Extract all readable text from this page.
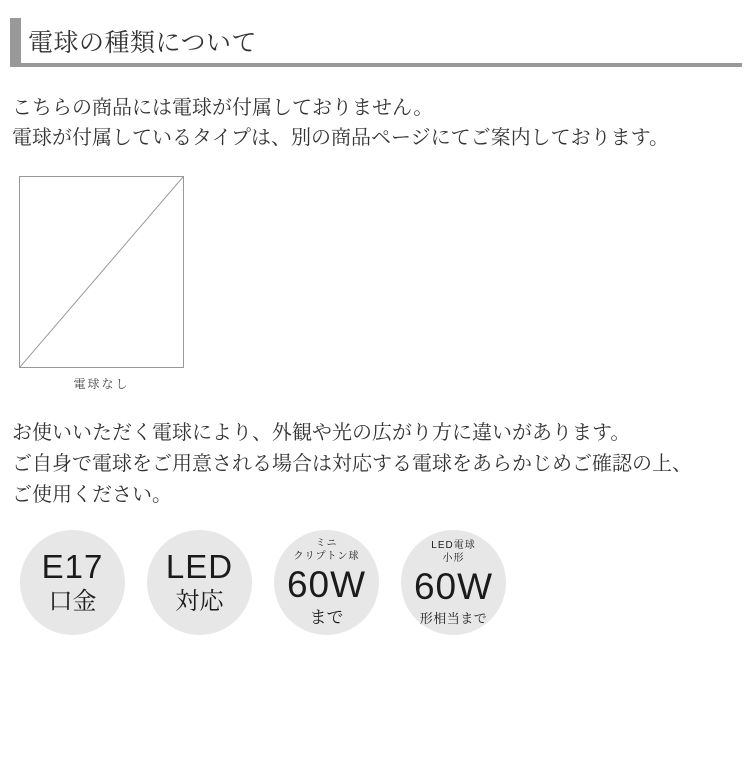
電球の種類について
こちらの商品には電球が付属しておりません。
電球が付属しているタイプは、別の商品ページにてご案内しております。
電球なし
お使いいただく電球により、外観や光の広がり方に違いがあります。
ご自身で電球をご用意される場合は対応する電球をあらかじめご確認の上、
ご使用ください。
E17
口金
LED
対応
ミニ
クリプトン球
60W
まで
LED電球
小形
60W
形相当まで
